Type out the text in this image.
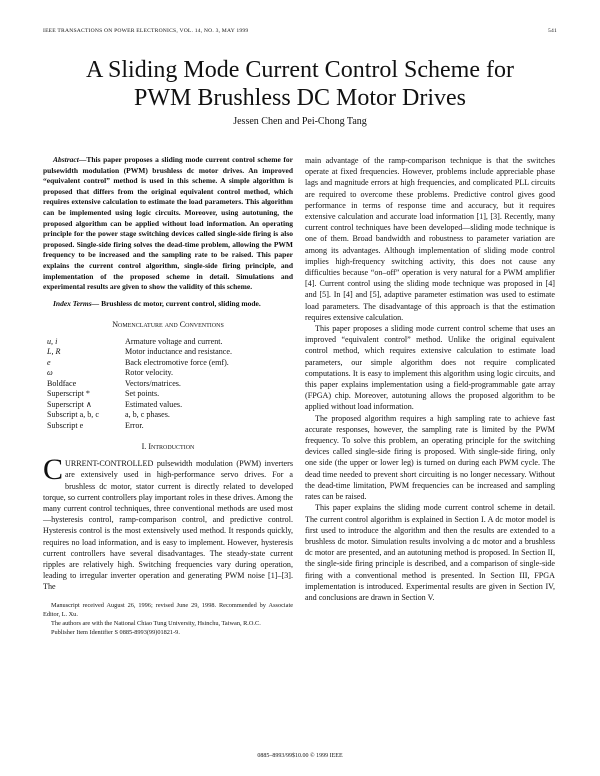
IEEE TRANSACTIONS ON POWER ELECTRONICS, VOL. 14, NO. 3, MAY 1999	541
A Sliding Mode Current Control Scheme for
PWM Brushless DC Motor Drives
Jessen Chen and Pei-Chong Tang

Abstract—This paper proposes a sliding mode current control scheme for pulsewidth modulation (PWM) brushless dc motor drives. An improved “equivalent control” method is used in this scheme. A simple algorithm is proposed that differs from the original equivalent control method, which requires extensive calculation to estimate the load parameters. This algorithm can be implemented using logic circuits. Moreover, using autotuning, the proposed algorithm can be applied without load information. An operating principle for the power stage switching devices called single-side firing is also proposed. Single-side firing solves the dead-time problem, allowing the PWM frequency to be increased and the sampling rate to be raised. This paper explains the current control algorithm, single-side firing principle, and implementation of the proposed scheme in detail. Simulations and experimental results are given to show the validity of this scheme.

Index Terms— Brushless dc motor, current control, sliding mode.

Nomenclature and Conventions
u, i	Armature voltage and current.
L, R	Motor inductance and resistance.
e	Back electromotive force (emf).
ω	Rotor velocity.
Boldface	Vectors/matrices.
Superscript *	Set points.
Superscript ∧	Estimated values.
Subscript a, b, c	a, b, c phases.
Subscript e	Error.
I. Introduction

CURRENT-CONTROLLED pulsewidth modulation (PWM) inverters are extensively used in high-performance servo drives. For a brushless dc motor, stator current is directly related to developed torque, so current controllers play important roles in these drives. Among the many current control techniques, three conventional methods are used most—hysteresis control, ramp-comparison control, and predictive control. Hysteresis control is the most extensively used method. It responds quickly, requires no load information, and is easy to implement. However, hysteresis current controllers have several disadvantages. The steady-state current ripples are relatively high. Switching frequencies vary during operation, leading to irregular inverter operation and generating PWM noise [1]–[3]. The

Manuscript received August 26, 1996; revised June 29, 1998. Recommended by Associate Editor, L. Xu.

The authors are with the National Chiao Tung University, Hsinchu, Taiwan, R.O.C.

Publisher Item Identifier S 0885-8993(99)01821-9.

main advantage of the ramp-comparison technique is that the switches operate at fixed frequencies. However, problems include appreciable phase lags and magnitude errors at high frequencies, and complicated PLL circuits are required to overcome these problems. Predictive control gives good performance in terms of response time and accuracy, but it requires extensive calculation and accurate load information [1], [3]. Recently, many current control techniques have been developed—sliding mode technique is one of them. Broad bandwidth and robustness to parameter variation are among its advantages. Although implementation of sliding mode control implies high-frequency switching activity, this does not cause any difficulties because “on–off” operation is very natural for a PWM amplifier [4]. Current control using the sliding mode technique was proposed in [4] and [5]. In [4] and [5], adaptive parameter estimation was used to estimate load parameters. The disadvantage of this approach is that the estimation requires extensive calculation.

This paper proposes a sliding mode current control scheme that uses an improved “equivalent control” method. Unlike the original equivalent control method, which requires extensive calculation to estimate load parameters, our simple algorithm does not require complicated computations. It is easy to implement this algorithm using logic circuits, and this paper explains implementation using a field-programmable gate array (FPGA) chip. Moreover, autotuning allows the proposed algorithm to be applied without load information.

The proposed algorithm requires a high sampling rate to achieve fast accurate responses, however, the sampling rate is limited by the PWM frequency. To solve this problem, an operating principle for the switching devices called single-side firing is proposed. With single-side firing, only one side (the upper or lower leg) is turned on during each PWM cycle. The dead time needed to prevent short circuiting is no longer necessary. Without the dead-time limitation, PWM frequencies can be increased and sampling rates can be raised.

This paper explains the sliding mode current control scheme in detail. The current control algorithm is explained in Section I. A dc motor model is first used to introduce the algorithm and then the results are extended to a brushless dc motor. Simulation results involving a dc motor and a brushless dc motor are presented, and an autotuning method is proposed. In Section II, the single-side firing principle is described, and a comparison of single-side firing with a conventional method is presented. In Section III, FPGA implementation is introduced. Experimental results are given in Section IV, and conclusions are drawn in Section V.

0885–8993/99$10.00 © 1999 IEEE
